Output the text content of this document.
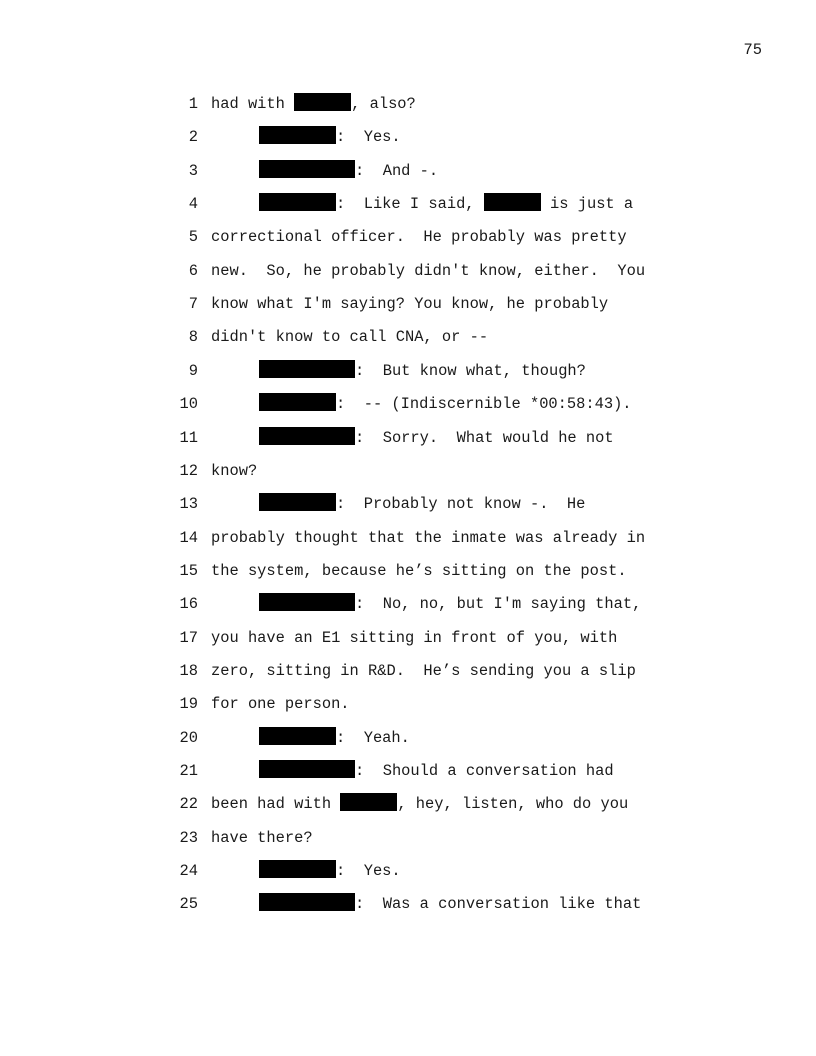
75
1 had with	, also?
2	:  Yes.
3	:  And -.
4	:  Like I said,	is just a
5 correctional officer.  He probably was pretty
6 new.  So, he probably didn't know, either.  You
7 know what I'm saying? You know, he probably
8 didn't know to call CNA, or --
9	:  But know what, though?
10	:  -- (Indiscernible *00:58:43).
11	:  Sorry.  What would he not
12 know?
13	:  Probably not know -.  He
14 probably thought that the inmate was already in
15 the system, because he’s sitting on the post.
16	:  No, no, but I'm saying that,
17 you have an E1 sitting in front of you, with
18 zero, sitting in R&D.  He’s sending you a slip
19 for one person.
20	:  Yeah.
21	:  Should a conversation had
22 been had with	, hey, listen, who do you
23 have there?
24	:  Yes.
25	:  Was a conversation like that
